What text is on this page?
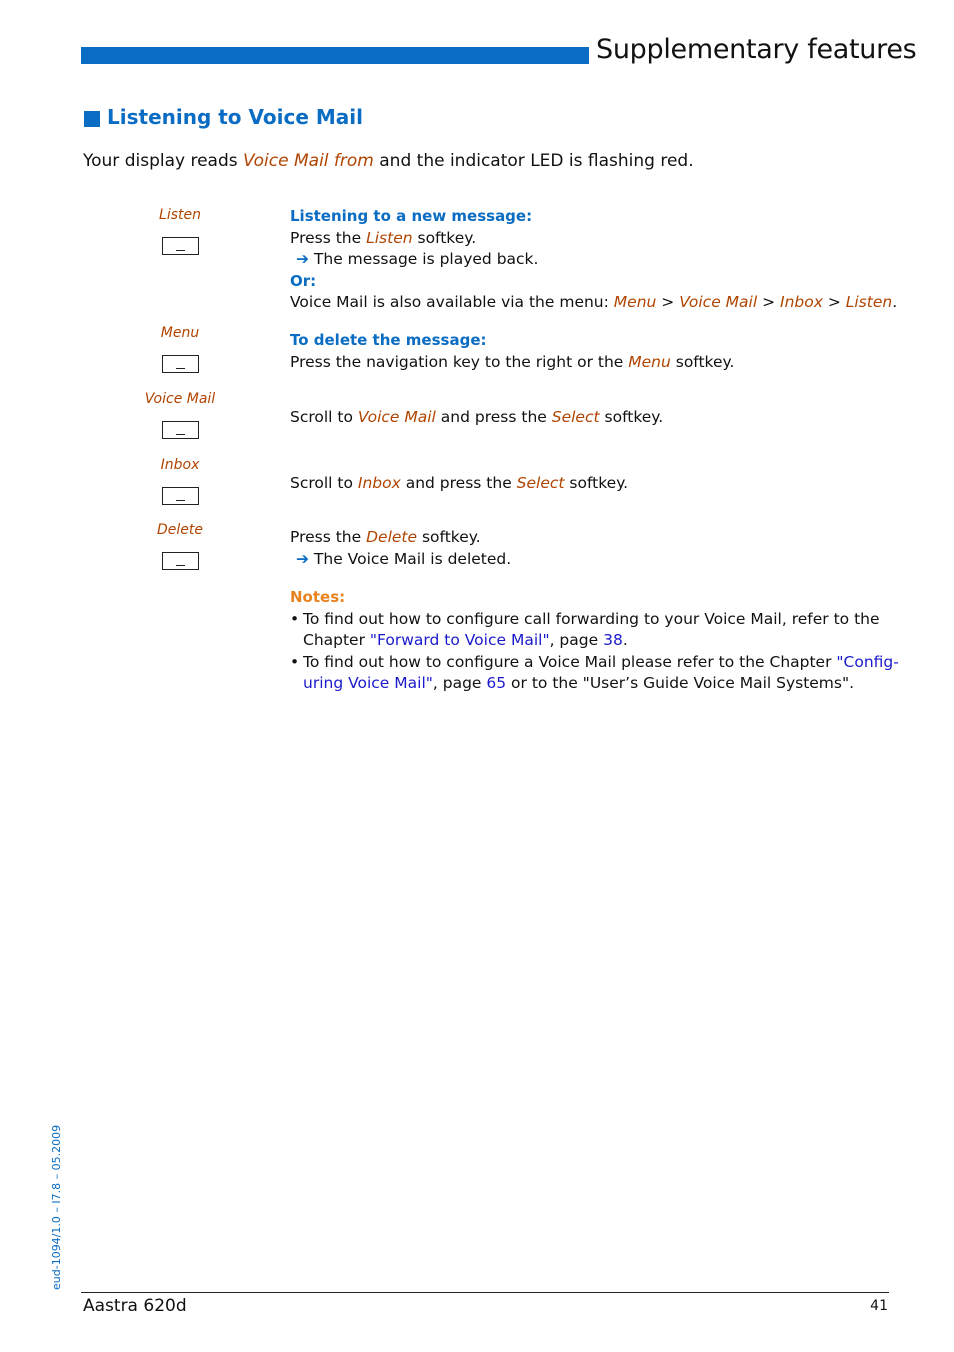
Supplementary features
Listening to Voice Mail
Your display reads Voice Mail from and the indicator LED is flashing red.
Listen
Menu
Voice Mail
Inbox
Delete
Listening to a new message:
Press the Listen softkey.
➔ The message is played back.
Or:
Voice Mail is also available via the menu: Menu > Voice Mail > Inbox > Listen.
To delete the message:
Press the navigation key to the right or the Menu softkey.
Scroll to Voice Mail and press the Select softkey.
Scroll to Inbox and press the Select softkey.
Press the Delete softkey.
➔ The Voice Mail is deleted.
Notes:
• To find out how to configure call forwarding to your Voice Mail, refer to the
Chapter "Forward to Voice Mail", page 38.
• To find out how to configure a Voice Mail please refer to the Chapter "Config-
uring Voice Mail", page 65 or to the "User’s Guide Voice Mail Systems".
eud-1094/1.0 – I7.8 – 05.2009
Aastra 620d	41
